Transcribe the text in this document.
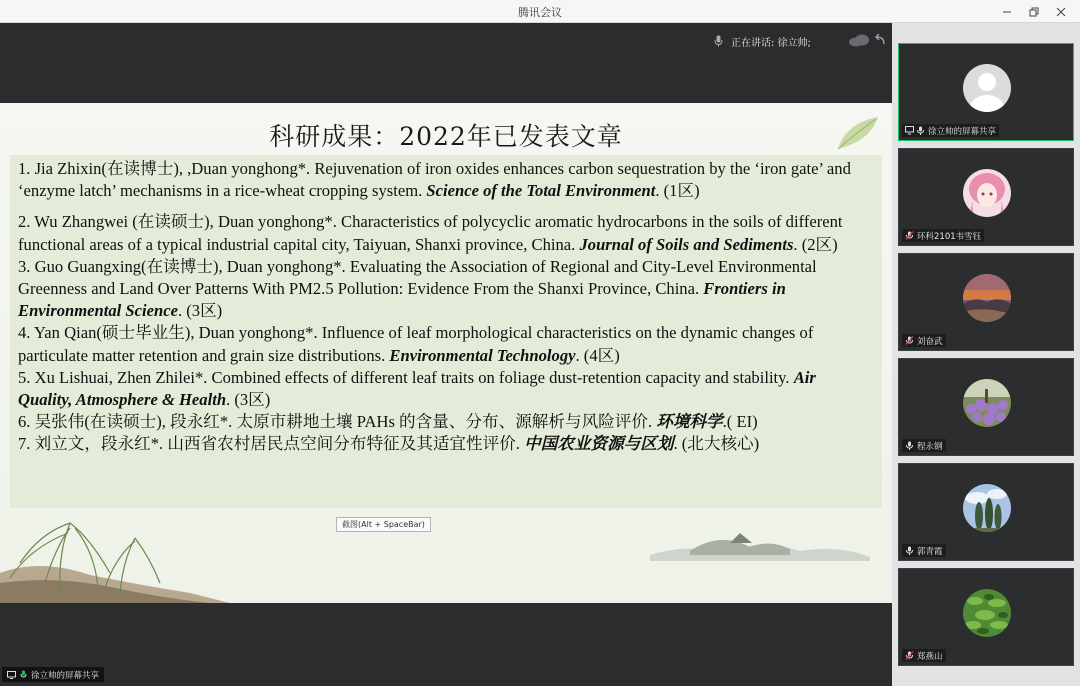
腾讯会议
正在讲话: 徐立帅;
科研成果：2022年已发表文章

1. Jia Zhixin(在读博士), ,Duan yonghong*. Rejuvenation of iron oxides enhances carbon sequestration by the ‘iron gate’ and ‘enzyme latch’ mechanisms in a rice-wheat cropping system. Science of the Total Environment. (1区)

2. Wu Zhangwei (在读硕士), Duan yonghong*. Characteristics of polycyclic aromatic hydrocarbons in the soils of different functional areas of a typical industrial capital city, Taiyuan, Shanxi province, China. Journal of Soils and Sediments. (2区)

3. Guo Guangxing(在读博士), Duan yonghong*. Evaluating the Association of Regional and City-Level Environmental Greenness and Land Over Patterns With PM2.5 Pollution: Evidence From the Shanxi Province, China. Frontiers in Environmental Science. (3区)

4. Yan Qian(硕士毕业生), Duan yonghong*. Influence of leaf morphological characteristics on the dynamic changes of particulate matter retention and grain size distributions. Environmental Technology. (4区)

5. Xu Lishuai, Zhen Zhilei*. Combined effects of different leaf traits on foliage dust-retention capacity and stability. Air Quality, Atmosphere & Health. (3区)

6. 吴张伟(在读硕士), 段永红*. 太原市耕地土壤 PAHs 的含量、分布、源解析与风险评价. 环境科学.( EI)

7. 刘立文，段永红*. 山西省农村居民点空间分布特征及其适宜性评价. 中国农业资源与区划. (北大核心)

截图(Alt + SpaceBar)
徐立帅的屏幕共享
徐立帅的屏幕共享
环科2101韦雪钰
刘奋武
程永钢
郭青霞
郑燕山
